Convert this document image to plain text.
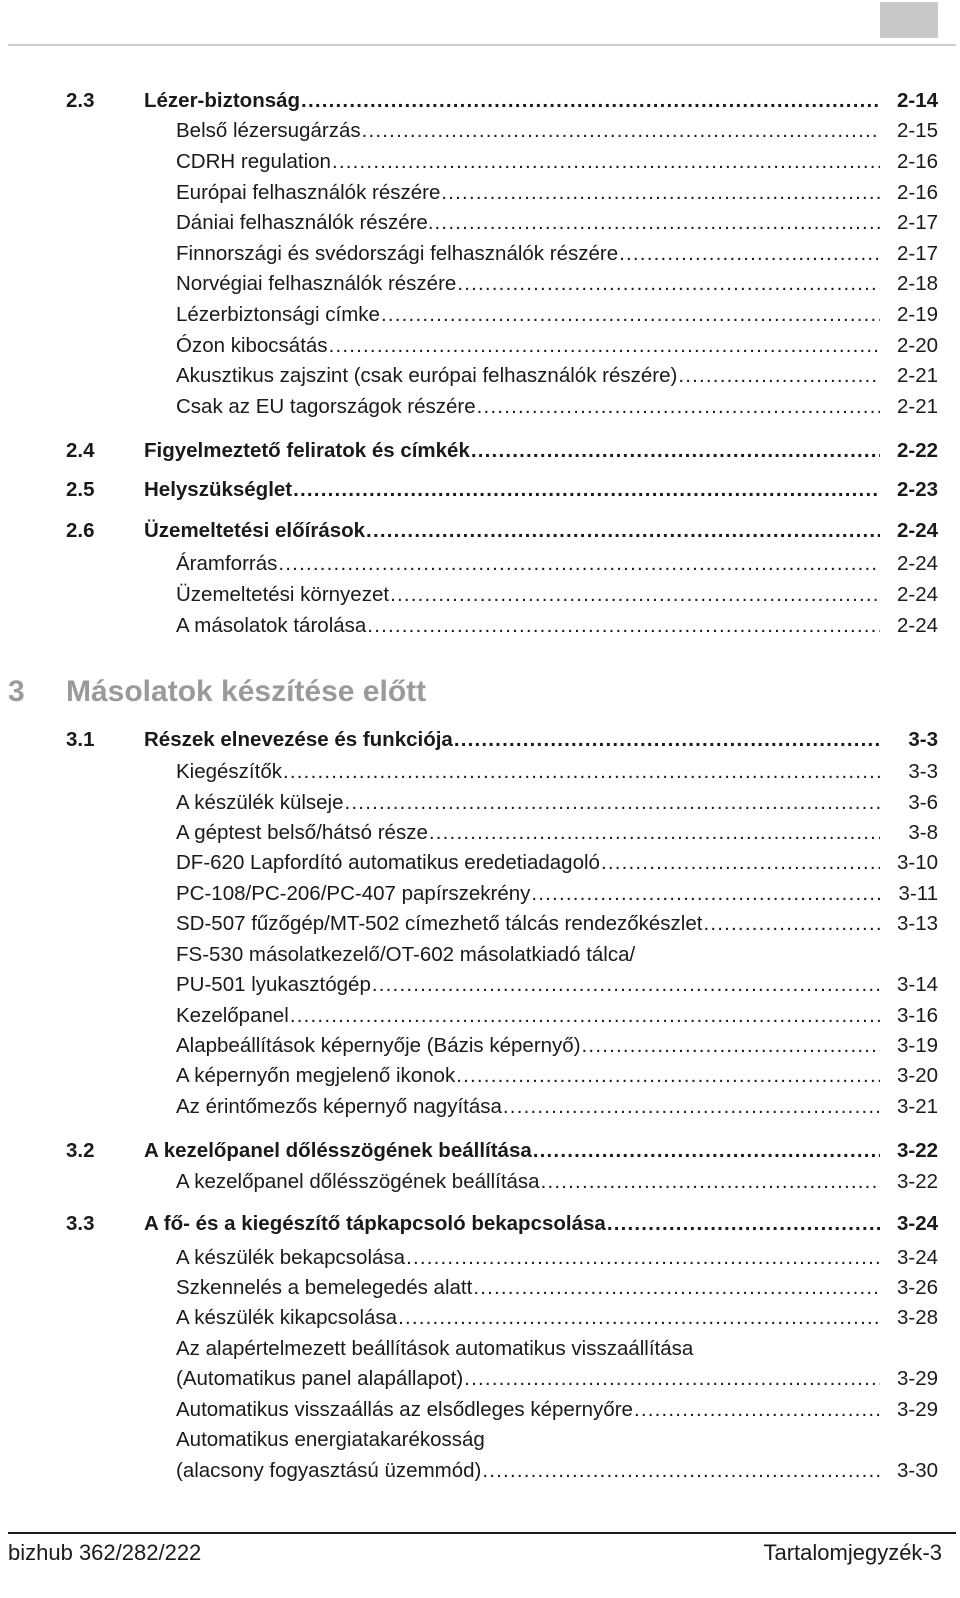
2.3 Lézer-biztonság .....	2-14
Belső lézersugárzás .....	2-15
CDRH regulation .....	2-16
Európai felhasználók részére .....	2-16
Dániai felhasználók részére. .....	2-17
Finnországi és svédországi felhasználók részére .....	2-17
Norvégiai felhasználók részére .....	2-18
Lézerbiztonsági címke .....	2-19
Ózon kibocsátás .....	2-20
Akusztikus zajszint (csak európai felhasználók részére) .....	2-21
Csak az EU tagországok részére .....	2-21
2.4 Figyelmeztető feliratok és címkék .....	2-22
2.5 Helyszükséglet .....	2-23
2.6 Üzemeltetési előírások .....	2-24
Áramforrás .....	2-24
Üzemeltetési környezet .....	2-24
A másolatok tárolása .....	2-24
3.1 Részek elnevezése és funkciója .....	3-3
Kiegészítők .....	3-3
A készülék külseje .....	3-6
A géptest belső/hátsó része .....	3-8
DF-620 Lapfordító automatikus eredetiadagoló .....	3-10
PC-108/PC-206/PC-407 papírszekrény .....	3-11
SD-507 fűzőgép/MT-502 címezhető tálcás rendezőkészlet .....	3-13
FS-530 másolatkezelő/OT-602 másolatkiadó tálca/
PU-501 lyukasztógép .....	3-14
Kezelőpanel .....	3-16
Alapbeállítások képernyője (Bázis képernyő) .....	3-19
A képernyőn megjelenő ikonok .....	3-20
Az érintőmezős képernyő nagyítása .....	3-21
3.2 A kezelőpanel dőlésszögének beállítása .....	3-22
A kezelőpanel dőlésszögének beállítása .....	3-22
3.3 A fő- és a kiegészítő tápkapcsoló bekapcsolása .....	3-24
A készülék bekapcsolása .....	3-24
Szkennelés a bemelegedés alatt .....	3-26
A készülék kikapcsolása .....	3-28
Az alapértelmezett beállítások automatikus visszaállítása
(Automatikus panel alapállapot) .....	3-29
Automatikus visszaállás az elsődleges képernyőre .....	3-29
Automatikus energiatakarékosság
(alacsony fogyasztású üzemmód) .....	3-30
3 Másolatok készítése előtt
bizhub 362/282/222	Tartalomjegyzék-3
